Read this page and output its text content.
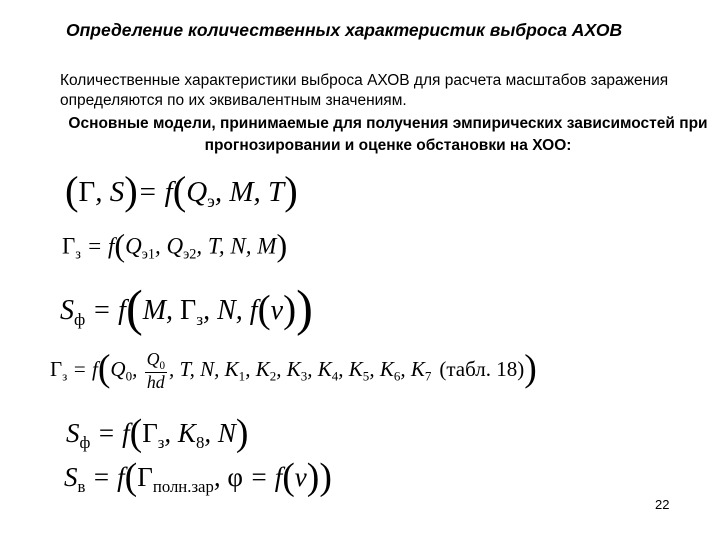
Определение количественных характеристик выброса АХОВ
Количественные характеристики выброса АХОВ для расчета масштабов заражения определяются по их эквивалентным значениям.
Основные модели, принимаемые для получения эмпирических зависимостей при прогнозировании и оценке обстановки на ХОО:
(Г, $S)= f(Q_э$, M, T)
$Г_з = f(Q_{э1}$, $Q_{э2}$, T, N, M)
$S_ф = f(M$, $Г_з$, N, f(v))
$Г_з = f(Q_0$, $\frac{Q_0}{hd}$ , T, N, $K_1$, $K_2$, $K_3$, $K_4$, $K_5$, $K_6$, $K_7$ (табл. 18))
$S_ф = f(Г_з$, $K_8$, N)
$S_в = f(Г_{полн.зар}$, φ = f(v))
22
